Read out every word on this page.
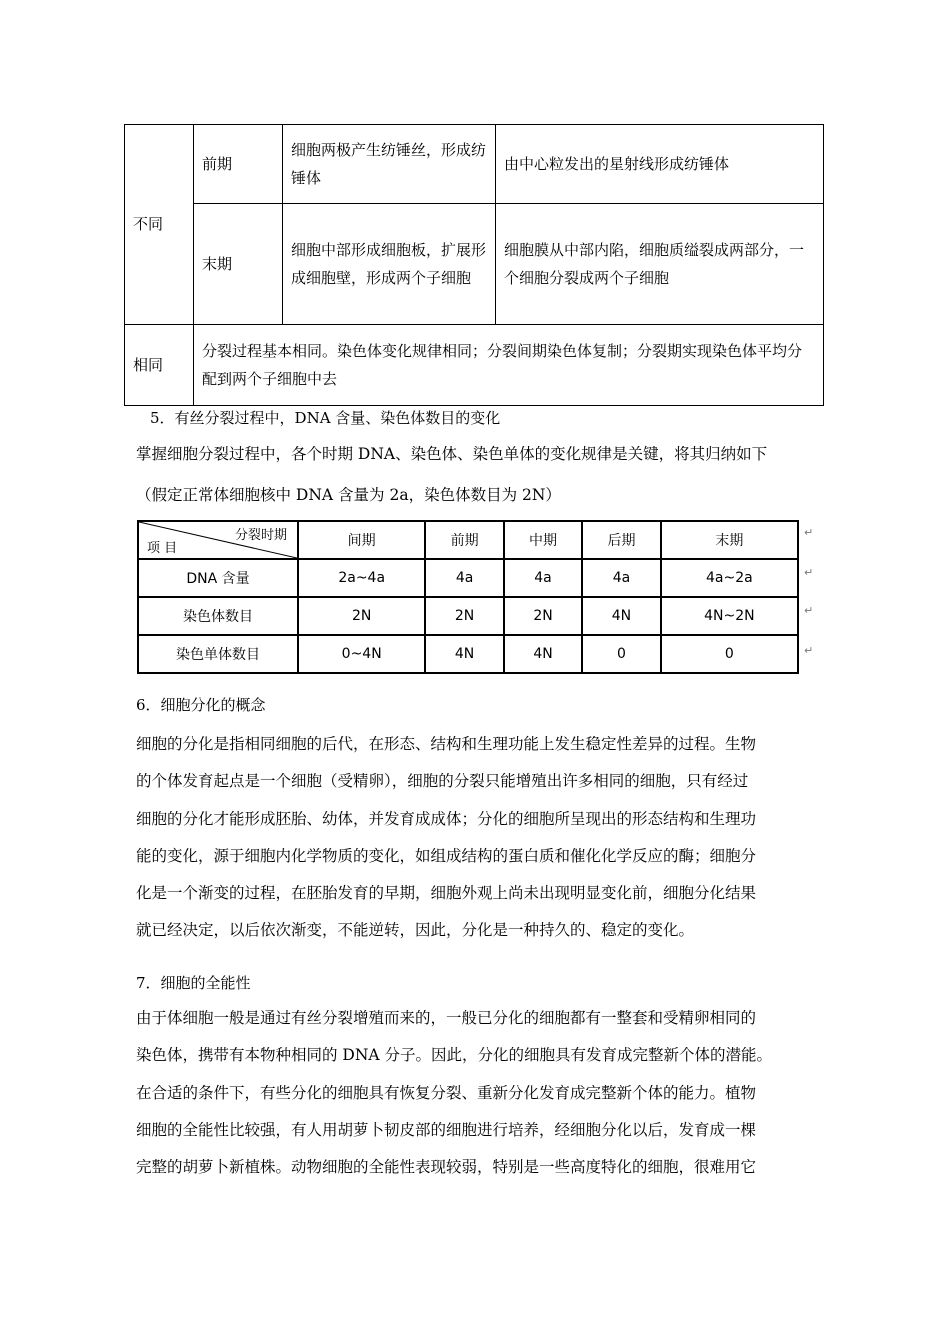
不同	前期	细胞两极产生纺锤丝，形成纺锤体	由中心粒发出的星射线形成纺锤体
	末期	细胞中部形成细胞板，扩展形成细胞壁，形成两个子细胞	细胞膜从中部内陷，细胞质缢裂成两部分，一个细胞分裂成两个子细胞
相同	分裂过程基本相同。染色体变化规律相同；分裂间期染色体复制；分裂期实现染色体平均分配到两个子细胞中去		
5．有丝分裂过程中，DNA 含量、染色体数目的变化
掌握细胞分裂过程中，各个时期 DNA、染色体、染色单体的变化规律是关键，将其归纳如下
（假定正常体细胞核中 DNA 含量为 2a，染色体数目为 2N）
分裂时期
项 目	间期	前期	中期	后期	末期
DNA 含量	2a~4a	4a	4a	4a	4a~2a
染色体数目	2N	2N	2N	4N	4N~2N
染色单体数目	0~4N	4N	4N	0	0
↵
↵
↵
↵
6．细胞分化的概念
细胞的分化是指相同细胞的后代，在形态、结构和生理功能上发生稳定性差异的过程。生物
的个体发育起点是一个细胞（受精卵），细胞的分裂只能增殖出许多相同的细胞，只有经过
细胞的分化才能形成胚胎、幼体，并发育成成体；分化的细胞所呈现出的形态结构和生理功
能的变化，源于细胞内化学物质的变化，如组成结构的蛋白质和催化化学反应的酶；细胞分
化是一个渐变的过程，在胚胎发育的早期，细胞外观上尚未出现明显变化前，细胞分化结果
就已经决定，以后依次渐变，不能逆转，因此，分化是一种持久的、稳定的变化。
7．细胞的全能性
由于体细胞一般是通过有丝分裂增殖而来的，一般已分化的细胞都有一整套和受精卵相同的
染色体，携带有本物种相同的 DNA 分子。因此，分化的细胞具有发育成完整新个体的潜能。
在合适的条件下，有些分化的细胞具有恢复分裂、重新分化发育成完整新个体的能力。植物
细胞的全能性比较强，有人用胡萝卜韧皮部的细胞进行培养，经细胞分化以后，发育成一棵
完整的胡萝卜新植株。动物细胞的全能性表现较弱，特别是一些高度特化的细胞，很难用它
